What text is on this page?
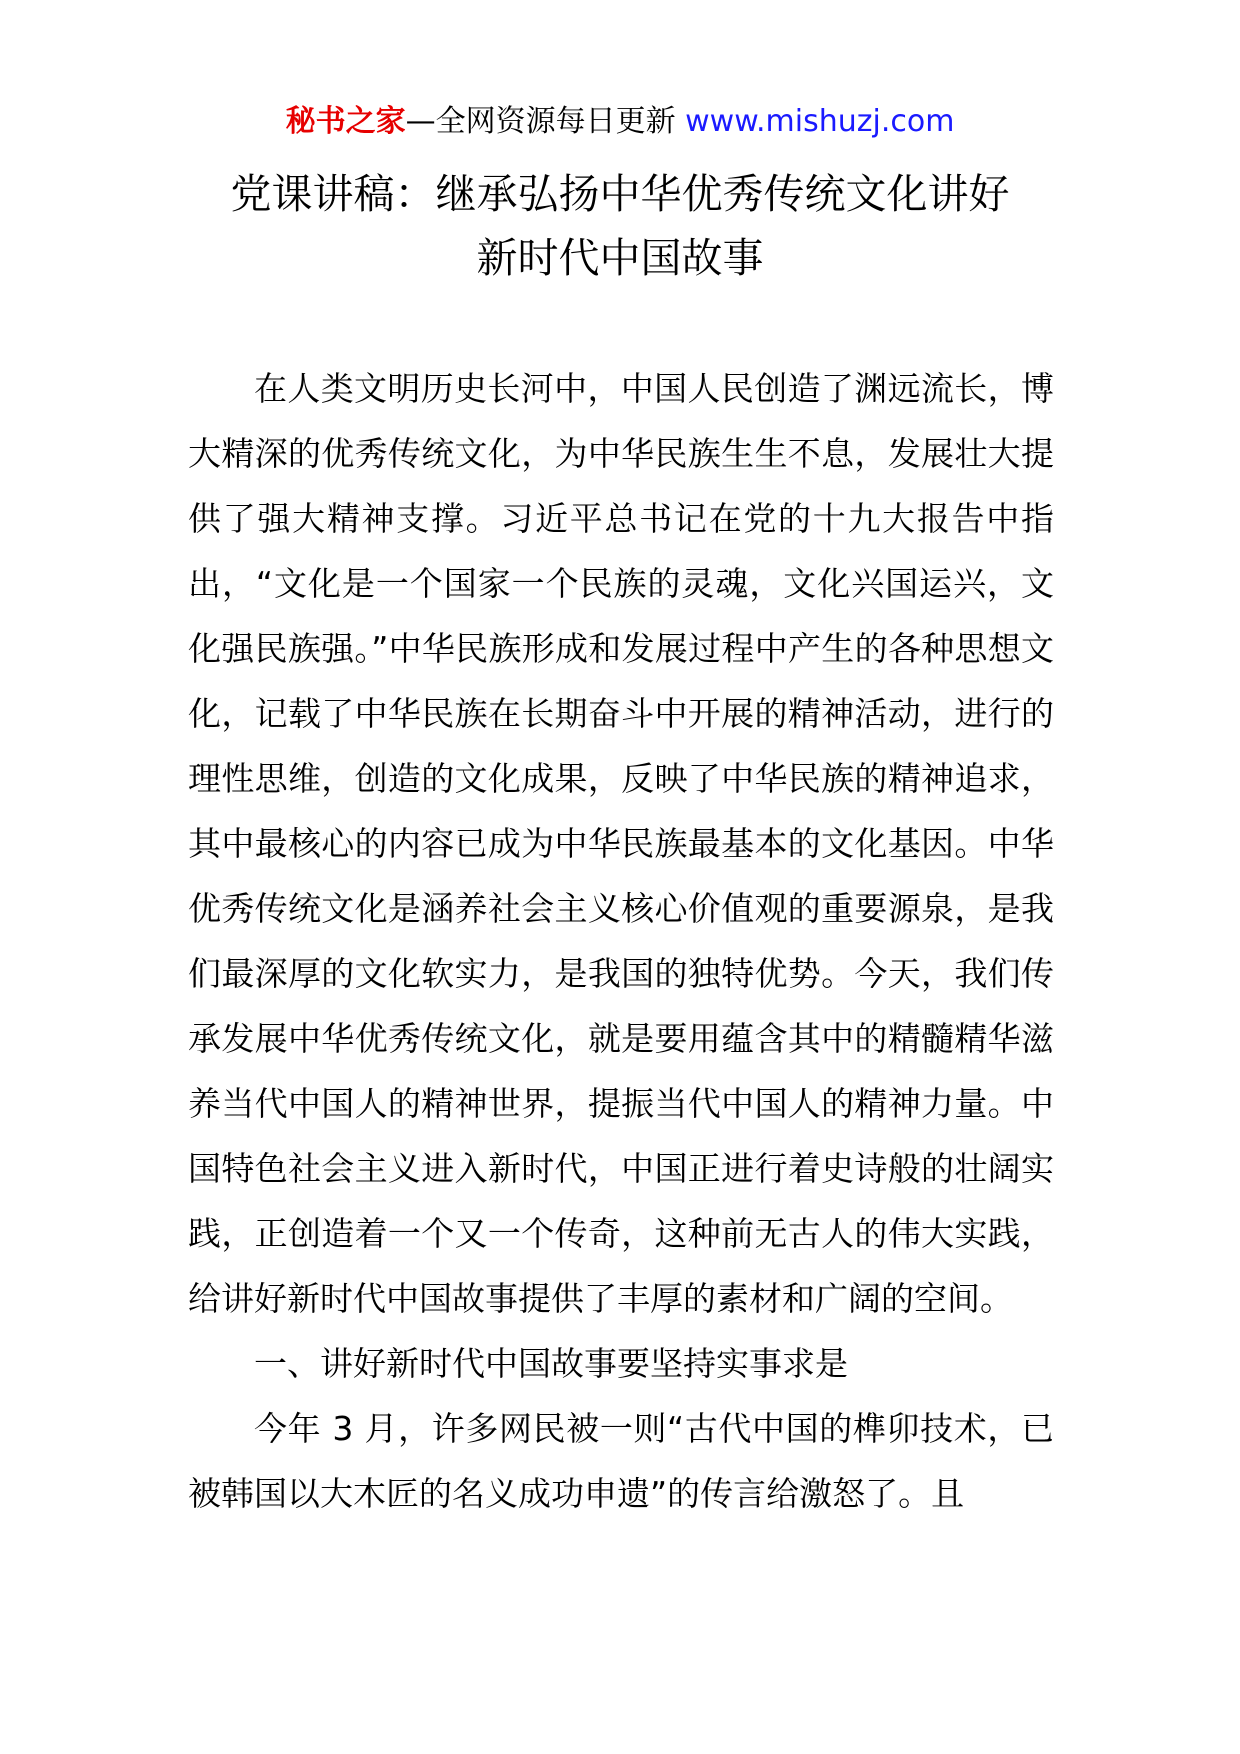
秘书之家—全网资源每日更新 www.mishuzj.com
党课讲稿：继承弘扬中华优秀传统文化讲好
新时代中国故事

在人类文明历史长河中，中国人民创造了渊远流长，博大精深的优秀传统文化，为中华民族生生不息，发展壮大提供了强大精神支撑。习近平总书记在党的十九大报告中指出，“文化是一个国家一个民族的灵魂，文化兴国运兴，文化强民族强。”中华民族形成和发展过程中产生的各种思想文化，记载了中华民族在长期奋斗中开展的精神活动，进行的理性思维，创造的文化成果，反映了中华民族的精神追求，其中最核心的内容已成为中华民族最基本的文化基因。中华优秀传统文化是涵养社会主义核心价值观的重要源泉，是我们最深厚的文化软实力，是我国的独特优势。今天，我们传承发展中华优秀传统文化，就是要用蕴含其中的精髓精华滋养当代中国人的精神世界，提振当代中国人的精神力量。中国特色社会主义进入新时代，中国正进行着史诗般的壮阔实践，正创造着一个又一个传奇，这种前无古人的伟大实践，给讲好新时代中国故事提供了丰厚的素材和广阔的空间。

一、讲好新时代中国故事要坚持实事求是

今年 3 月，许多网民被一则“古代中国的榫卯技术，已被韩国以大木匠的名义成功申遗”的传言给激怒了。且
